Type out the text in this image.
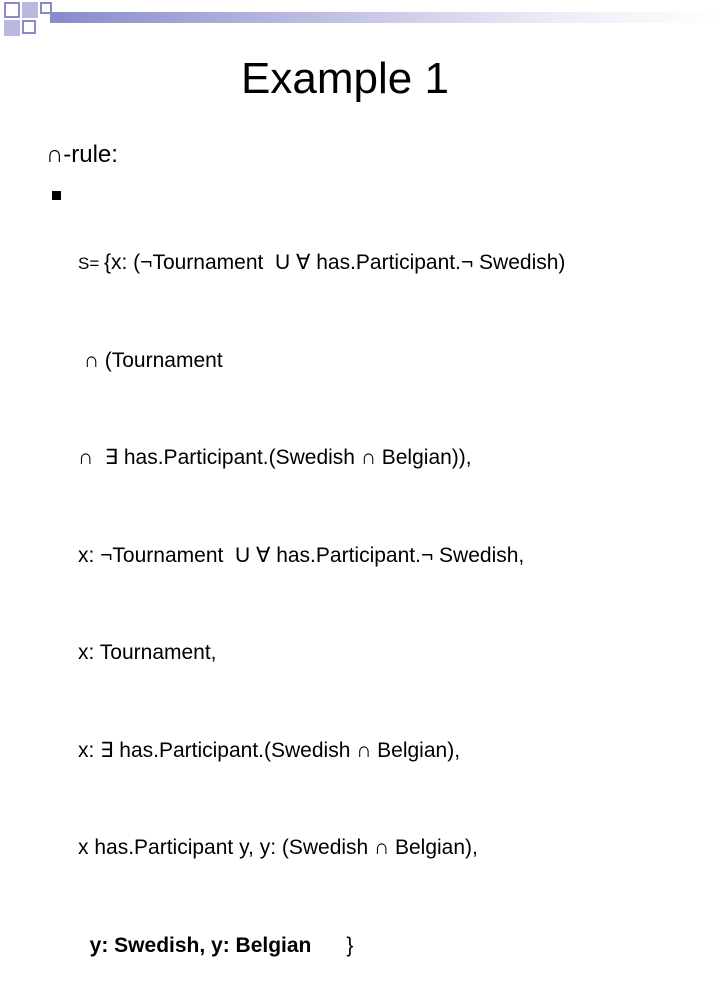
Example 1
∩-rule:

S= {x: (¬Tournament  U ∀ has.Participant.¬ Swedish)

∩ (Tournament

∩  ∃ has.Participant.(Swedish ∩ Belgian)),

x: ¬Tournament  U ∀ has.Participant.¬ Swedish,

x: Tournament,

x: ∃ has.Participant.(Swedish ∩ Belgian),

x has.Participant y, y: (Swedish ∩ Belgian),

y: Swedish, y: Belgian      }
